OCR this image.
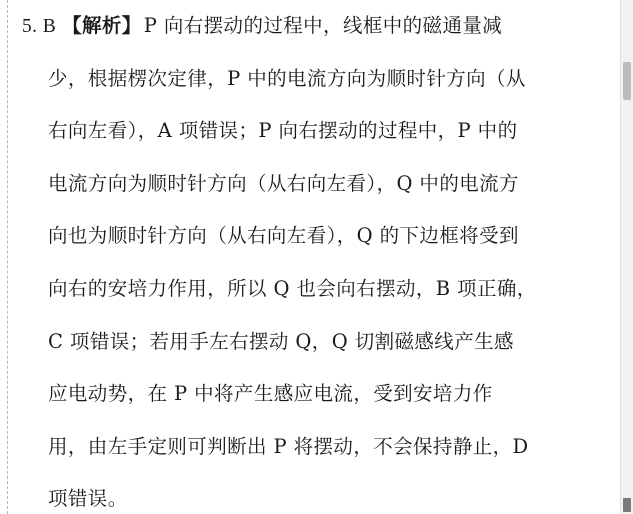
5. B 【解析】 P 向右摆动的过程中，线框中的磁通量减
少，根据楞次定律，P 中的电流方向为顺时针方向（从
右向左看），A 项错误；P 向右摆动的过程中，P 中的
电流方向为顺时针方向（从右向左看），Q 中的电流方
向也为顺时针方向（从右向左看），Q 的下边框将受到
向右的安培力作用，所以 Q 也会向右摆动，B 项正确，
C 项错误；若用手左右摆动 Q，Q 切割磁感线产生感
应电动势，在 P 中将产生感应电流，受到安培力作
用，由左手定则可判断出 P 将摆动，不会保持静止，D
项错误。
